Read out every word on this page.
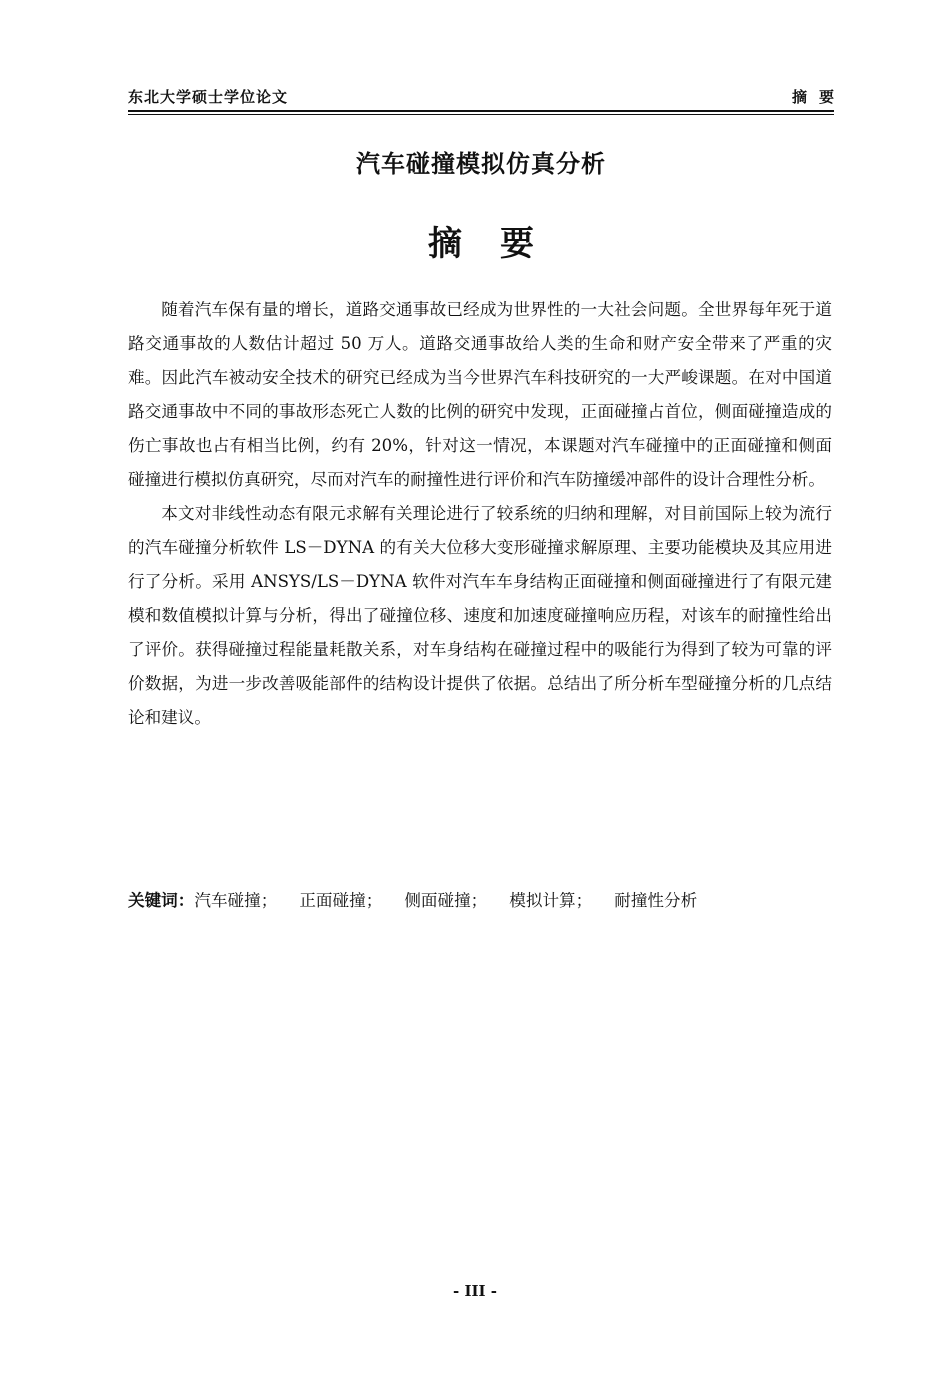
东北大学硕士学位论文	摘要
汽车碰撞模拟仿真分析
摘要

随着汽车保有量的增长，道路交通事故已经成为世界性的一大社会问题。全世界每年死于道路交通事故的人数估计超过 50 万人。道路交通事故给人类的生命和财产安全带来了严重的灾难。因此汽车被动安全技术的研究已经成为当今世界汽车科技研究的一大严峻课题。在对中国道路交通事故中不同的事故形态死亡人数的比例的研究中发现，正面碰撞占首位，侧面碰撞造成的伤亡事故也占有相当比例，约有 20%，针对这一情况，本课题对汽车碰撞中的正面碰撞和侧面碰撞进行模拟仿真研究，尽而对汽车的耐撞性进行评价和汽车防撞缓冲部件的设计合理性分析。

本文对非线性动态有限元求解有关理论进行了较系统的归纳和理解，对目前国际上较为流行的汽车碰撞分析软件 LS－DYNA 的有关大位移大变形碰撞求解原理、主要功能模块及其应用进行了分析。采用 ANSYS/LS－DYNA 软件对汽车车身结构正面碰撞和侧面碰撞进行了有限元建模和数值模拟计算与分析，得出了碰撞位移、速度和加速度碰撞响应历程，对该车的耐撞性给出了评价。获得碰撞过程能量耗散关系，对车身结构在碰撞过程中的吸能行为得到了较为可靠的评价数据，为进一步改善吸能部件的结构设计提供了依据。总结出了所分析车型碰撞分析的几点结论和建议。

关键词：汽车碰撞； 正面碰撞； 侧面碰撞； 模拟计算； 耐撞性分析
- III -
